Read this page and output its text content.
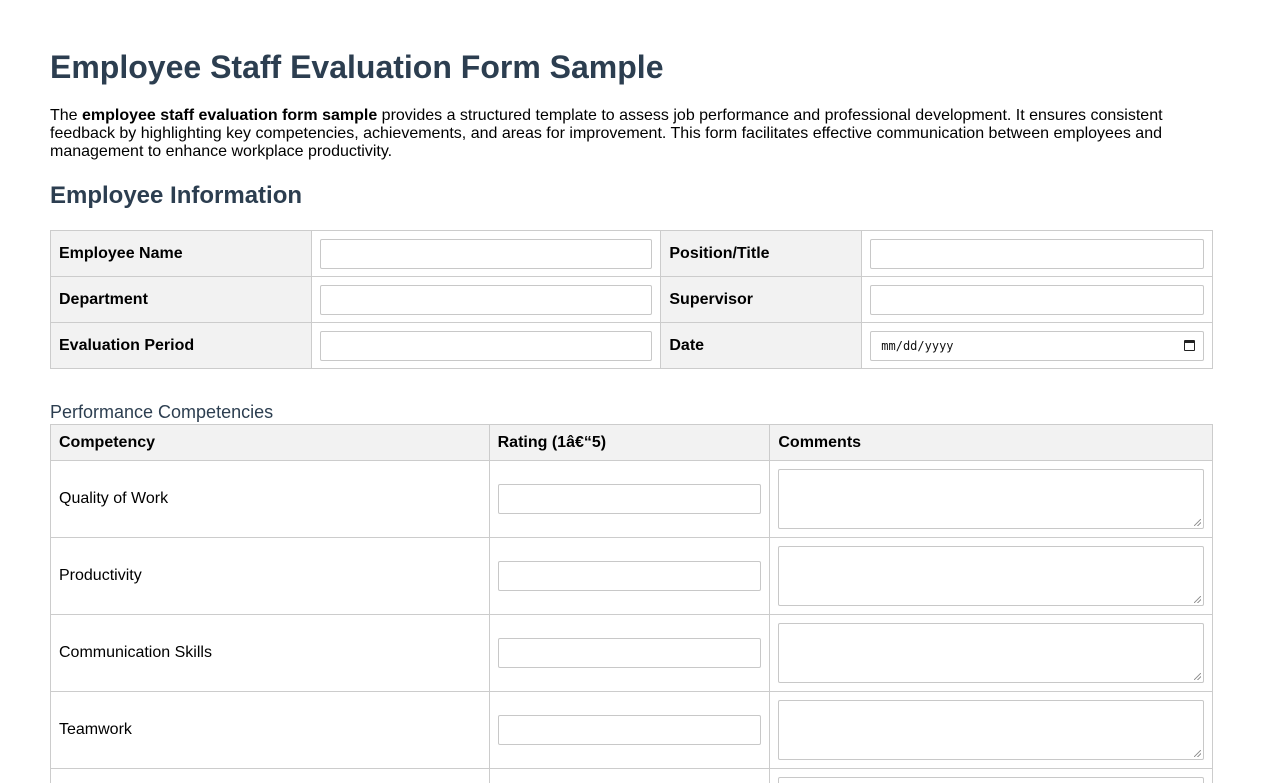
Employee Staff Evaluation Form Sample

The employee staff evaluation form sample provides a structured template to assess job performance and professional development. It ensures consistent feedback by highlighting key competencies, achievements, and areas for improvement. This form facilitates effective communication between employees and management to enhance workplace productivity.

Employee Information
Employee Name		Position/Title	

Department		Supervisor	

Evaluation Period		Date	mm/dd/yyyy
Performance Competencies
Competency	Rating (1â€“5)	Comments
Quality of Work	

Productivity	

Communication Skills	

Teamwork	
